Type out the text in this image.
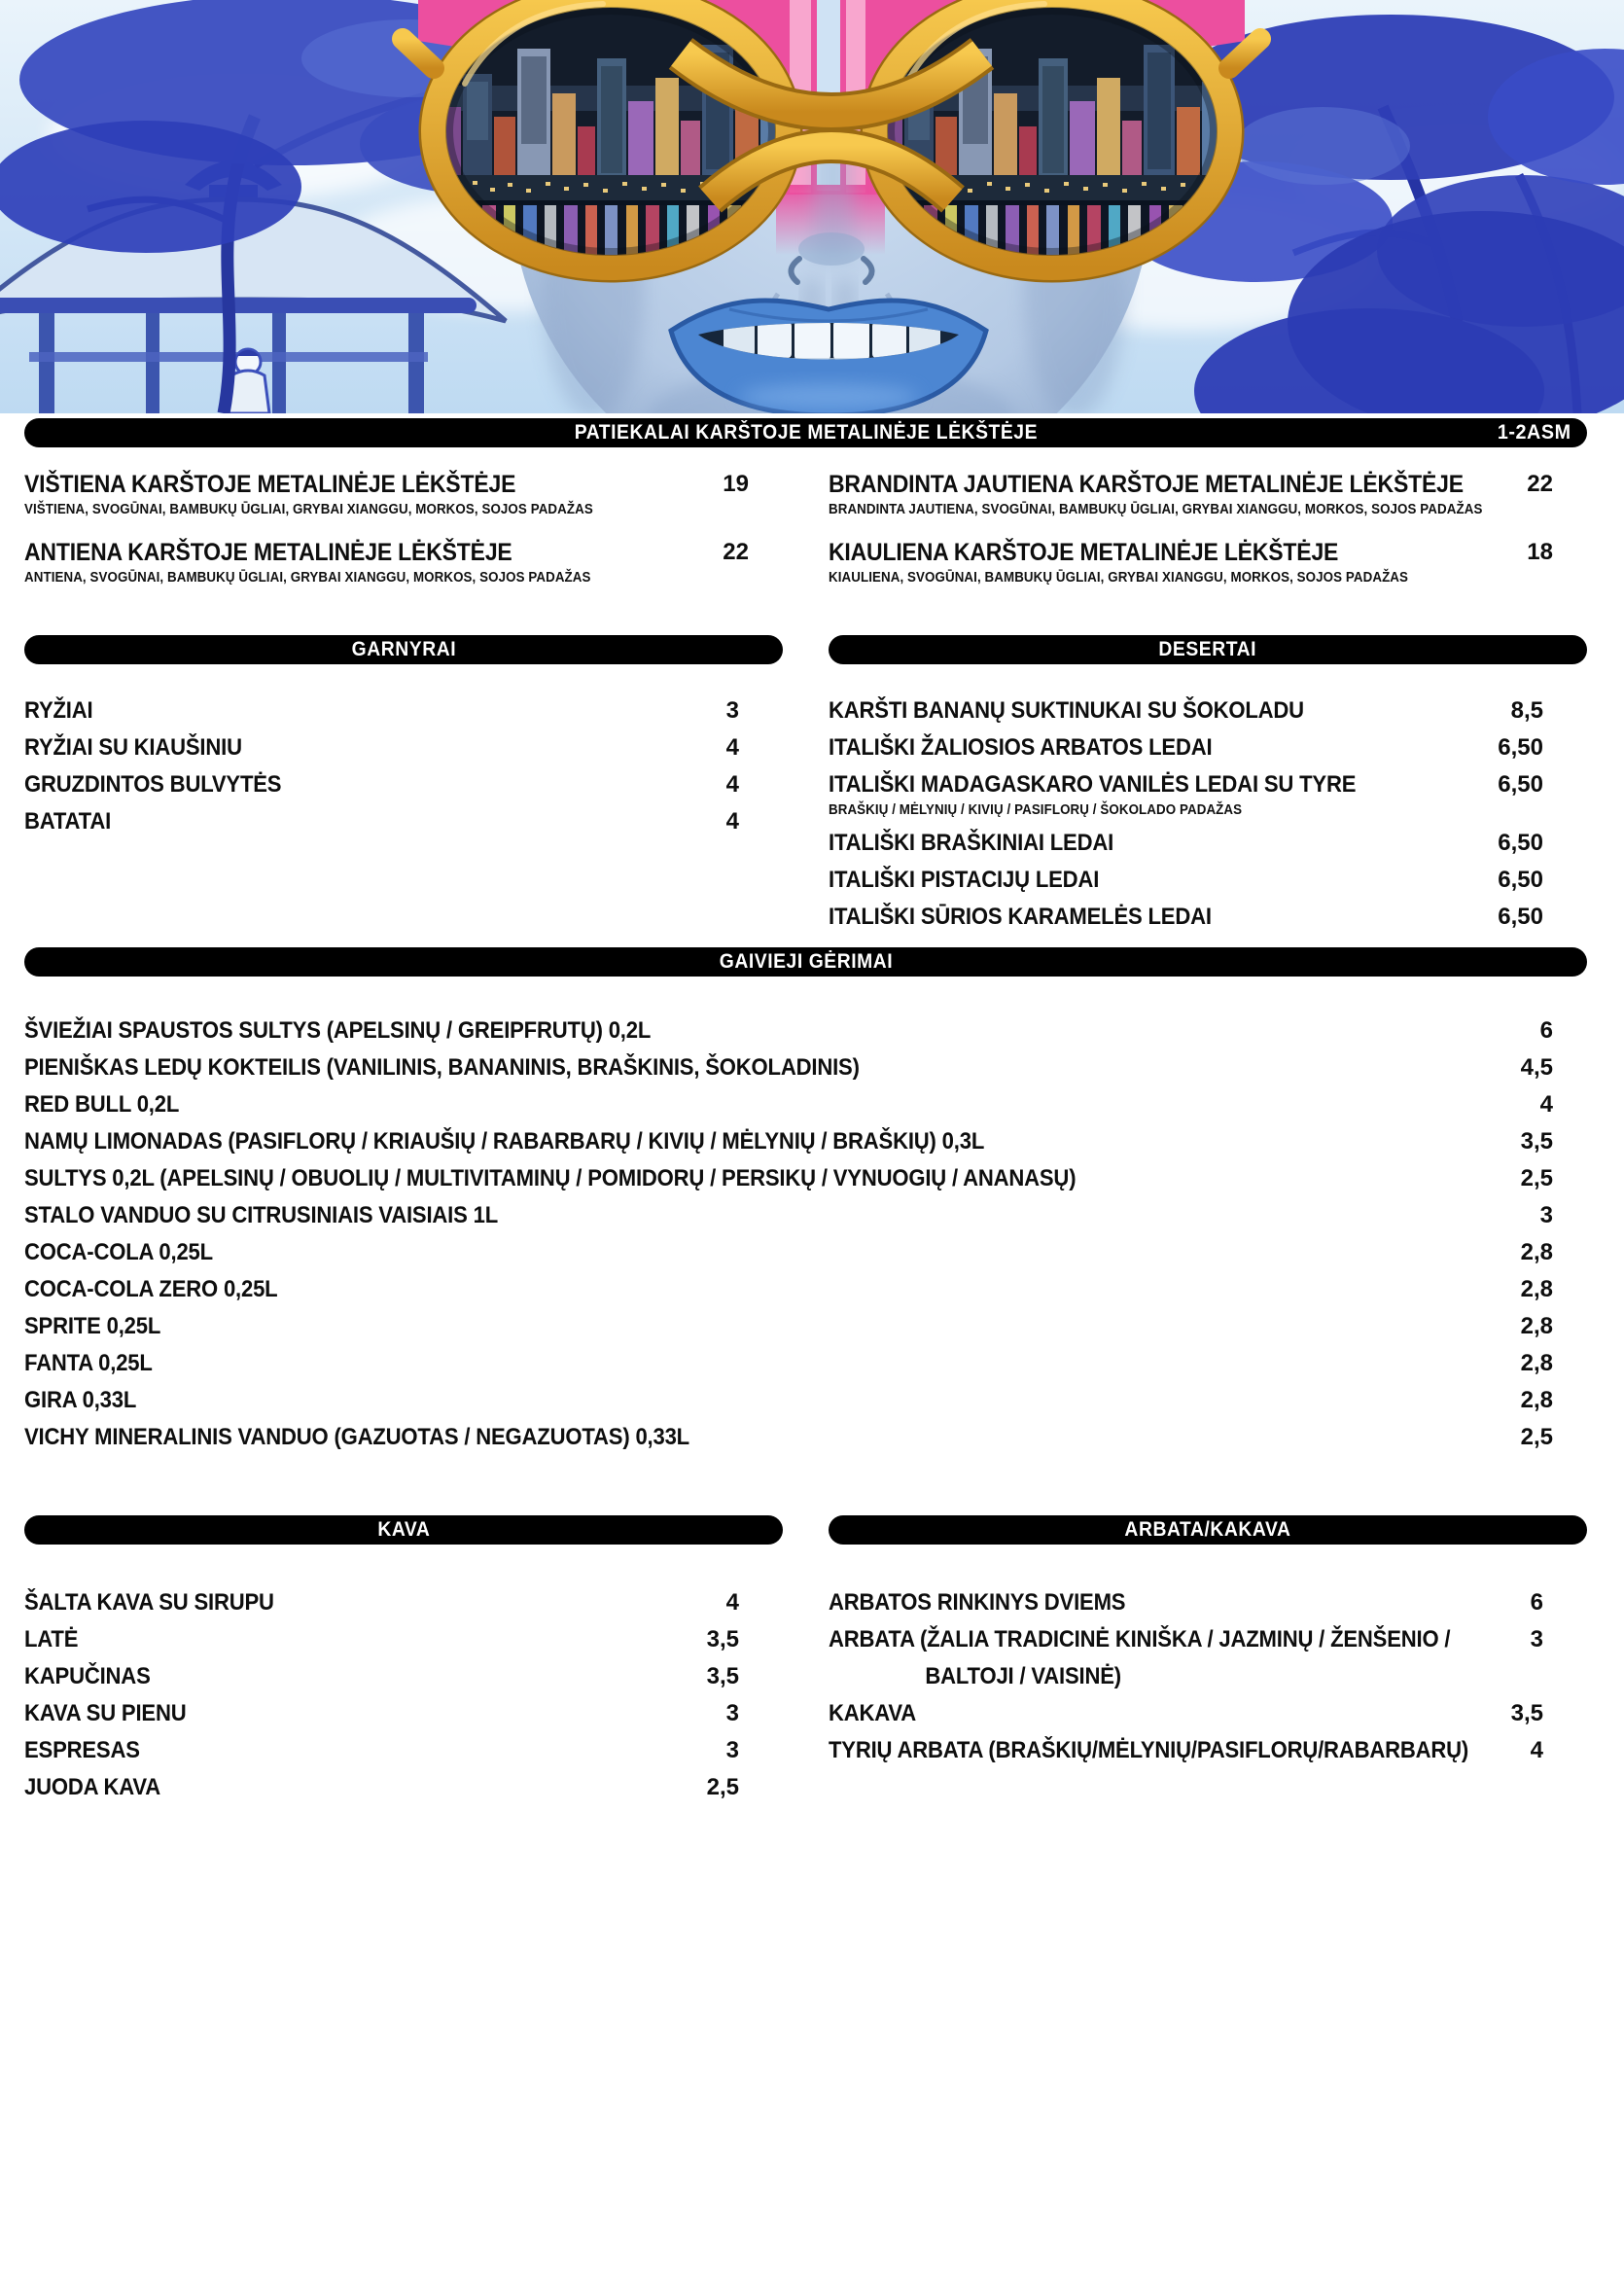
PATIEKALAI KARŠTOJE METALINĖJE LĖKŠTĖJE	1-2ASM
VIŠTIENA KARŠTOJE METALINĖJE LĖKŠTĖJE
VIŠTIENA, SVOGŪNAI, BAMBUKŲ ŪGLIAI, GRYBAI XIANGGU, MORKOS, SOJOS PADAŽAS
19
ANTIENA KARŠTOJE METALINĖJE LĖKŠTĖJE
ANTIENA, SVOGŪNAI, BAMBUKŲ ŪGLIAI, GRYBAI XIANGGU, MORKOS, SOJOS PADAŽAS
22
BRANDINTA JAUTIENA KARŠTOJE METALINĖJE LĖKŠTĖJE
BRANDINTA JAUTIENA, SVOGŪNAI, BAMBUKŲ ŪGLIAI, GRYBAI XIANGGU, MORKOS, SOJOS PADAŽAS
22
KIAULIENA KARŠTOJE METALINĖJE LĖKŠTĖJE
KIAULIENA, SVOGŪNAI, BAMBUKŲ ŪGLIAI, GRYBAI XIANGGU, MORKOS, SOJOS PADAŽAS
18
GARNYRAI
RYŽIAI	3
RYŽIAI SU KIAUŠINIU	4
GRUZDINTOS BULVYTĖS	4
BATATAI	4
DESERTAI
KARŠTI BANANŲ SUKTINUKAI SU ŠOKOLADU	8,5
ITALIŠKI ŽALIOSIOS ARBATOS LEDAI	6,50
ITALIŠKI MADAGASKARO VANILĖS LEDAI SU TYRE
BRAŠKIŲ / MĖLYNIŲ / KIVIŲ / PASIFLORŲ / ŠOKOLADO PADAŽAS
6,50
ITALIŠKI BRAŠKINIAI LEDAI	6,50
ITALIŠKI PISTACIJŲ LEDAI	6,50
ITALIŠKI SŪRIOS KARAMELĖS LEDAI	6,50
GAIVIEJI GĖRIMAI
ŠVIEŽIAI SPAUSTOS SULTYS (APELSINŲ / GREIPFRUTŲ) 0,2L	6
PIENIŠKAS LEDŲ KOKTEILIS (VANILINIS, BANANINIS, BRAŠKINIS, ŠOKOLADINIS)	4,5
RED BULL 0,2L	4
NAMŲ LIMONADAS (PASIFLORŲ / KRIAUŠIŲ / RABARBARŲ / KIVIŲ / MĖLYNIŲ / BRAŠKIŲ) 0,3L	3,5
SULTYS 0,2L (APELSINŲ / OBUOLIŲ / MULTIVITAMINŲ / POMIDORŲ / PERSIKŲ / VYNUOGIŲ / ANANASŲ)	2,5
STALO VANDUO SU CITRUSINIAIS VAISIAIS 1L	3
COCA-COLA 0,25L	2,8
COCA-COLA ZERO 0,25L	2,8
SPRITE 0,25L	2,8
FANTA 0,25L	2,8
GIRA 0,33L	2,8
VICHY MINERALINIS VANDUO (GAZUOTAS / NEGAZUOTAS) 0,33L	2,5
KAVA
ŠALTA KAVA SU SIRUPU	4
LATĖ	3,5
KAPUČINAS	3,5
KAVA SU PIENU	3
ESPRESAS	3
JUODA KAVA	2,5
ARBATA/KAKAVA
ARBATOS RINKINYS DVIEMS	6
ARBATA (ŽALIA TRADICINĖ KINIŠKA / JAZMINŲ / ŽENŠENIO /
BALTOJI / VAISINĖ)
3
KAKAVA	3,5
TYRIŲ ARBATA (BRAŠKIŲ/MĖLYNIŲ/PASIFLORŲ/RABARBARŲ)	4
